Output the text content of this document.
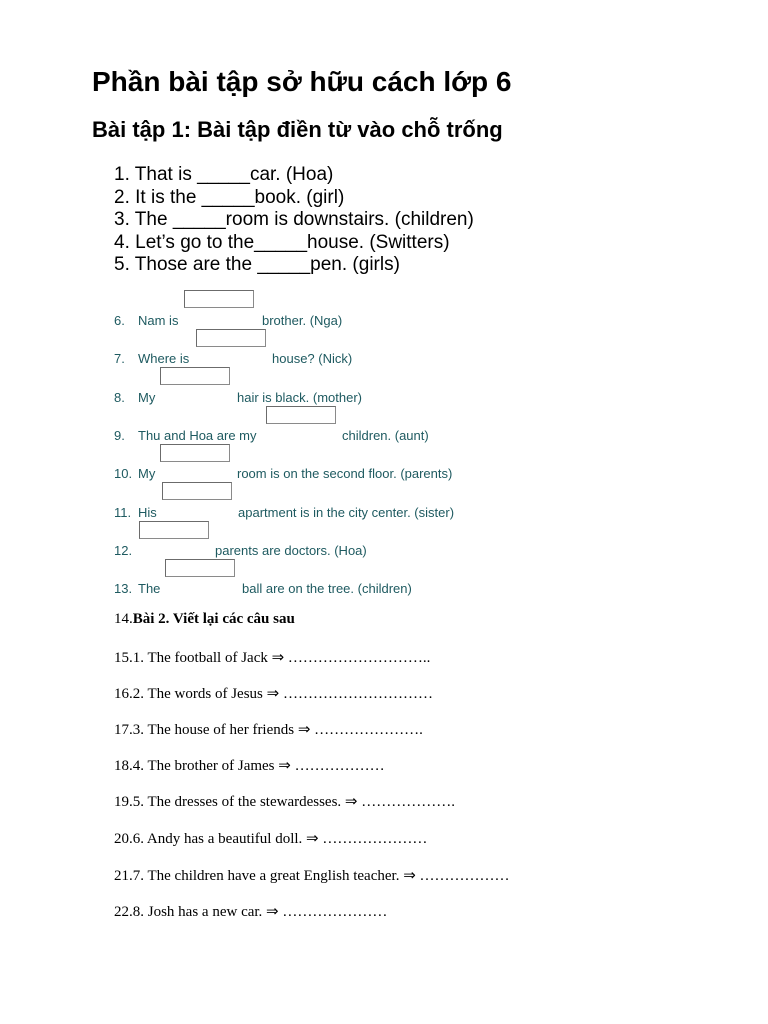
Phần bài tập sở hữu cách lớp 6
Bài tập 1: Bài tập điền từ vào chỗ trống
1. That is _____car. (Hoa)
2. It is the _____book. (girl)
3. The _____room is downstairs. (children)
4. Let’s go to the_____house. (Switters)
5. Those are the _____pen. (girls)
6. Nam is	brother. (Nga)
7. Where is	house? (Nick)
8. My	hair is black. (mother)
9. Thu and Hoa are my	children. (aunt)
10. My	room is on the second floor. (parents)
11. His	apartment is in the city center. (sister)
12.	parents are doctors. (Hoa)
13. The	ball are on the tree. (children)
14.Bài 2. Viết lại các câu sau
15.1. The football of Jack ⇒ ………………………..
16.2. The words of Jesus ⇒ …………………………
17.3. The house of her friends ⇒ ………………….
18.4. The brother of James ⇒ ………………
19.5. The dresses of the stewardesses. ⇒ ……………….
20.6. Andy has a beautiful doll. ⇒ …………………
21.7. The children have a great English teacher. ⇒ ………………
22.8. Josh has a new car. ⇒ …………………
